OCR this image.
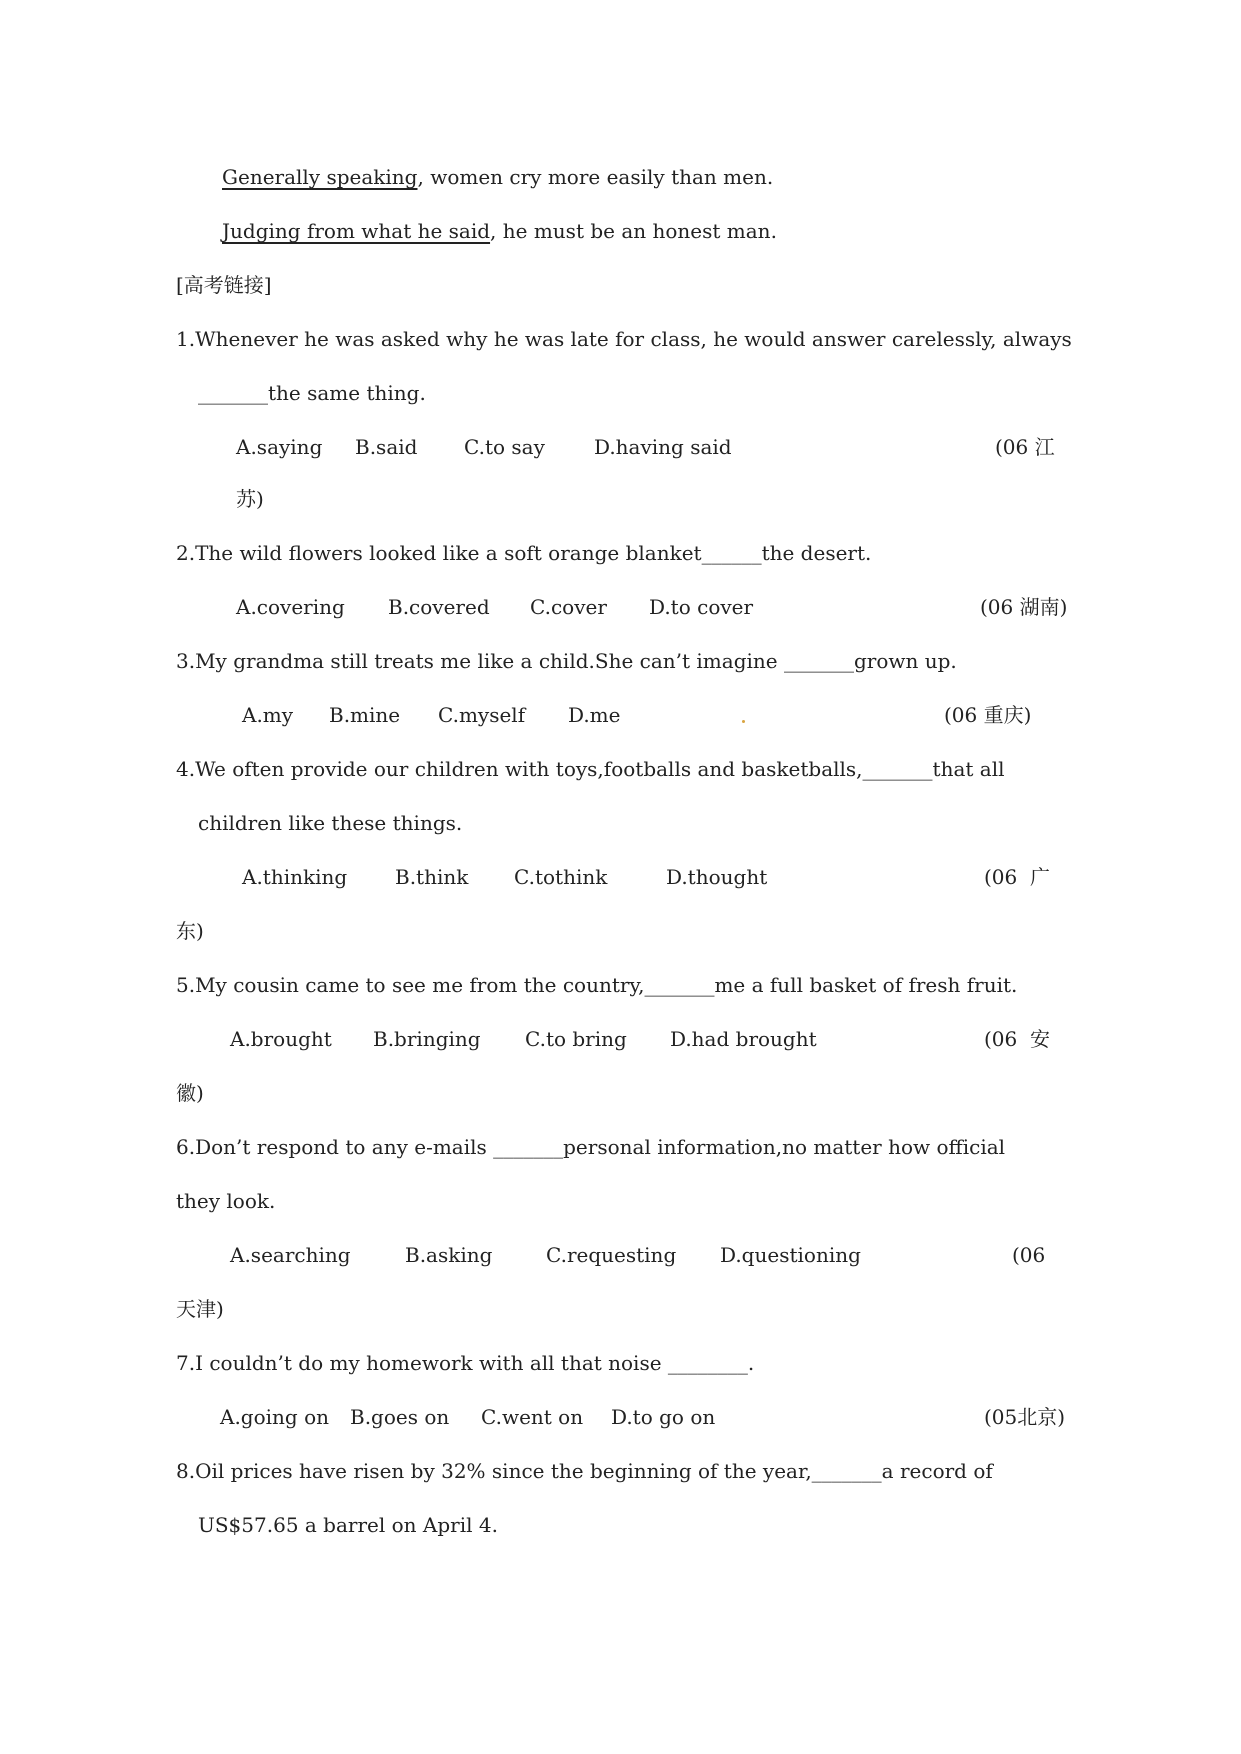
Generally speaking, women cry more easily than men.
Judging from what he said, he must be an honest man.
[高考链接]
1.Whenever he was asked why he was late for class, he would answer carelessly, always
_______the same thing.
A.saying B.said C.to say D.having said	(06 江
苏)
2.The wild flowers looked like a soft orange blanket______the desert.
A.covering B.covered C.cover D.to cover	(06 湖南)
3.My grandma still treats me like a child.She can’t imagine _______grown up.
A.my B.mine C.myself D.me	(06 重庆)
4.We often provide our children with toys,footballs and basketballs,_______that all
children like these things.
A.thinking B.think C.tothink	D.thought	(06  广
东)
5.My cousin came to see me from the country,_______me a full basket of fresh fruit.
A.brought B.bringing C.to bring D.had brought	(06  安
徽)
6.Don’t respond to any e-mails _______personal information,no matter how official
they look.
A.searching	B.asking	C.requesting D.questioning	(06
天津)
7.I couldn’t do my homework with all that noise ________.
A.going on B.goes on C.went on D.to go on	(05北京)
8.Oil prices have risen by 32% since the beginning of the year,_______a record of
US$57.65 a barrel on April 4.
